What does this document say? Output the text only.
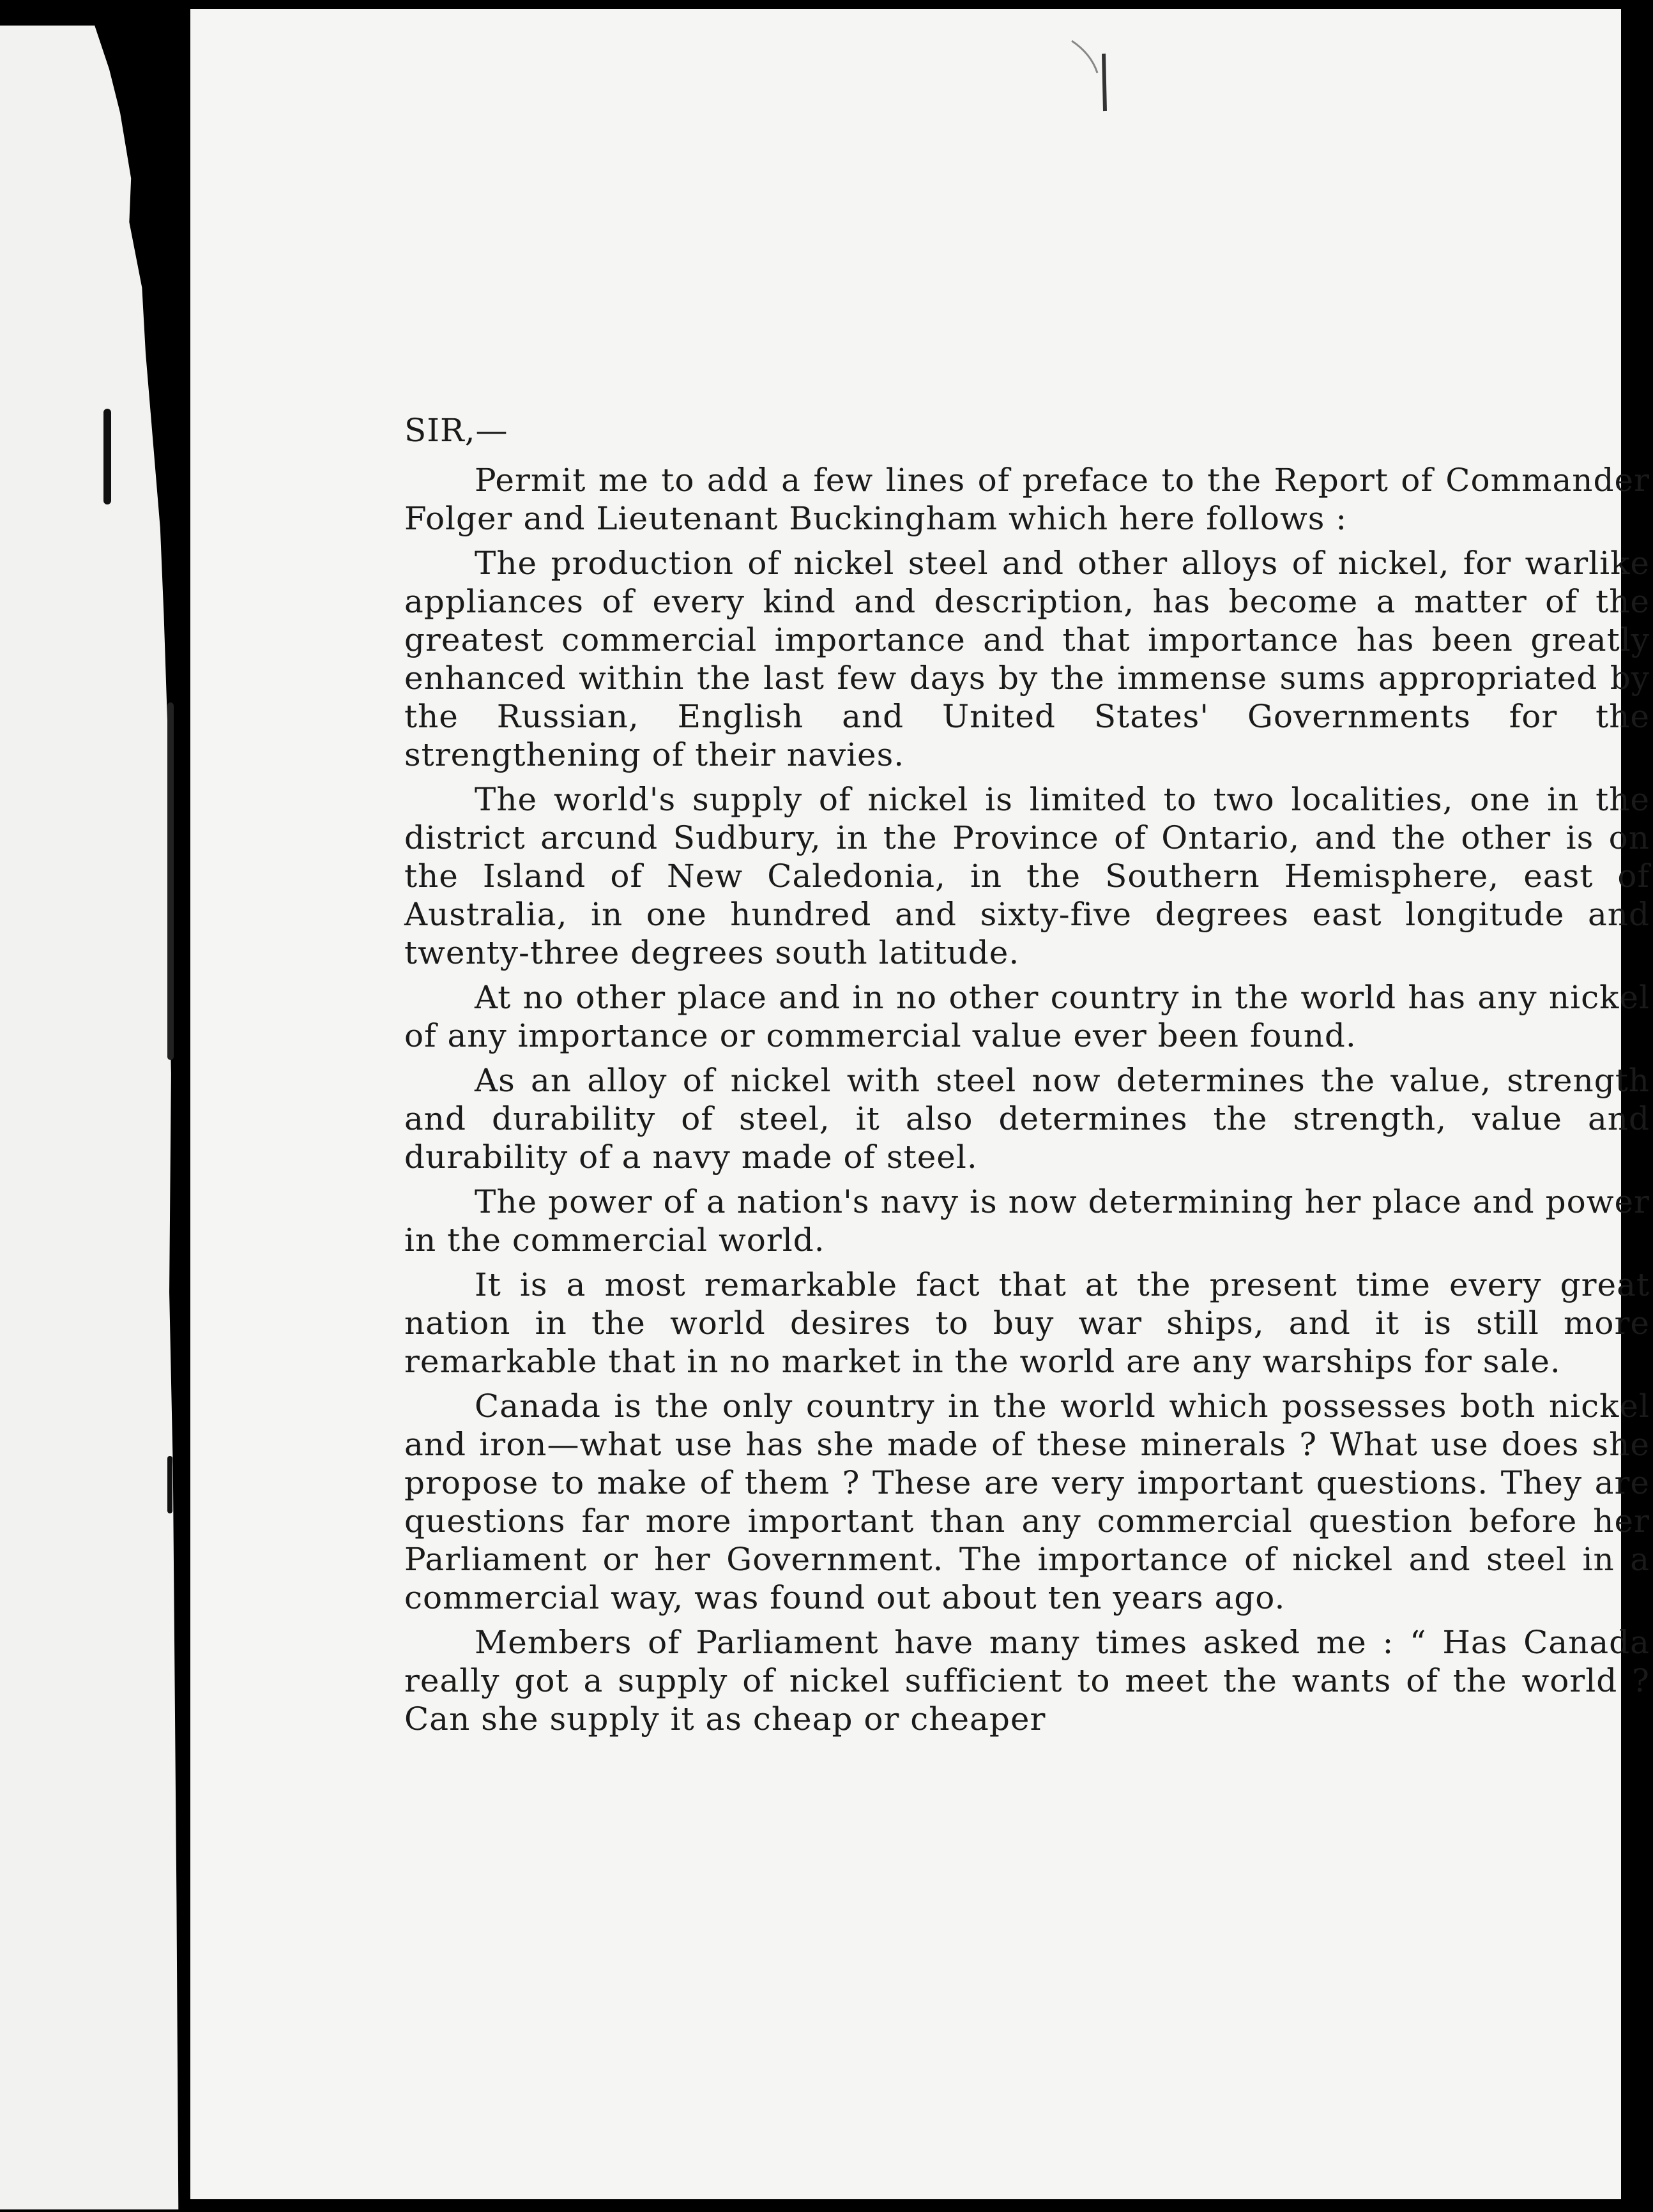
SIR,—

Permit me to add a few lines of preface to the Report of Commander Folger and Lieutenant Buckingham which here follows :

The production of nickel steel and other alloys of nickel, for warlike appliances of every kind and description, has become a matter of the greatest commercial importance and that importance has been greatly enhanced within the last few days by the immense sums appropriated by the Russian, English and United States' Governments for the strengthening of their navies.

The world's supply of nickel is limited to two localities, one in the district arcund Sudbury, in the Province of Ontario, and the other is on the Island of New Caledonia, in the Southern Hemisphere, east of Australia, in one hundred and sixty-five degrees east longitude and twenty-three degrees south latitude.

At no other place and in no other country in the world has any nickel of any importance or commercial value ever been found.

As an alloy of nickel with steel now determines the value, strength and durability of steel, it also determines the strength, value and durability of a navy made of steel.

The power of a nation's navy is now determining her place and power in the commercial world.

It is a most remarkable fact that at the present time every great nation in the world desires to buy war ships, and it is still more remarkable that in no market in the world are any warships for sale.

Canada is the only country in the world which possesses both nickel and iron—what use has she made of these minerals ? What use does she propose to make of them ? These are very important questions. They are questions far more important than any commercial question before her Parliament or her Government. The importance of nickel and steel in a commercial way, was found out about ten years ago.

Members of Parliament have many times asked me : “ Has Canada really got a supply of nickel sufficient to meet the wants of the world ? Can she supply it as cheap or cheaper
